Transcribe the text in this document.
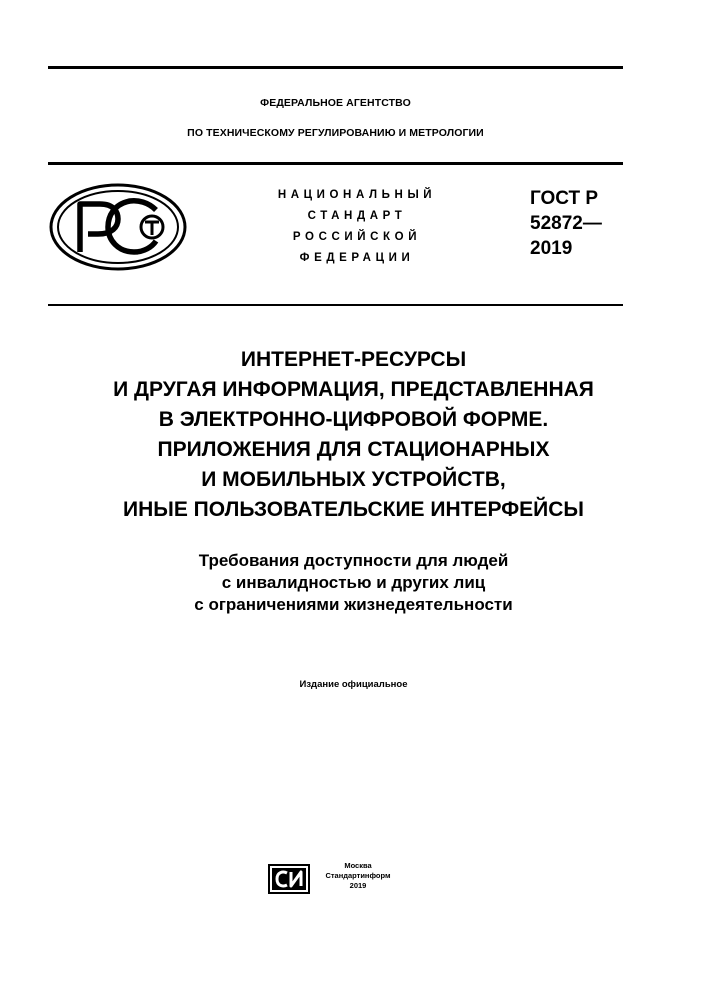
ФЕДЕРАЛЬНОЕ АГЕНТСТВО
ПО ТЕХНИЧЕСКОМУ РЕГУЛИРОВАНИЮ И МЕТРОЛОГИИ
НАЦИОНАЛЬНЫЙ
СТАНДАРТ
РОССИЙСКОЙ
ФЕДЕРАЦИИ
ГОСТ Р
52872—
2019
ИНТЕРНЕТ-РЕСУРСЫ
И ДРУГАЯ ИНФОРМАЦИЯ, ПРЕДСТАВЛЕННАЯ
В ЭЛЕКТРОННО-ЦИФРОВОЙ ФОРМЕ.
ПРИЛОЖЕНИЯ ДЛЯ СТАЦИОНАРНЫХ
И МОБИЛЬНЫХ УСТРОЙСТВ,
ИНЫЕ ПОЛЬЗОВАТЕЛЬСКИЕ ИНТЕРФЕЙСЫ
Требования доступности для людей
с инвалидностью и других лиц
с ограничениями жизнедеятельности
Издание официальное
Москва
Стандартинформ
2019
